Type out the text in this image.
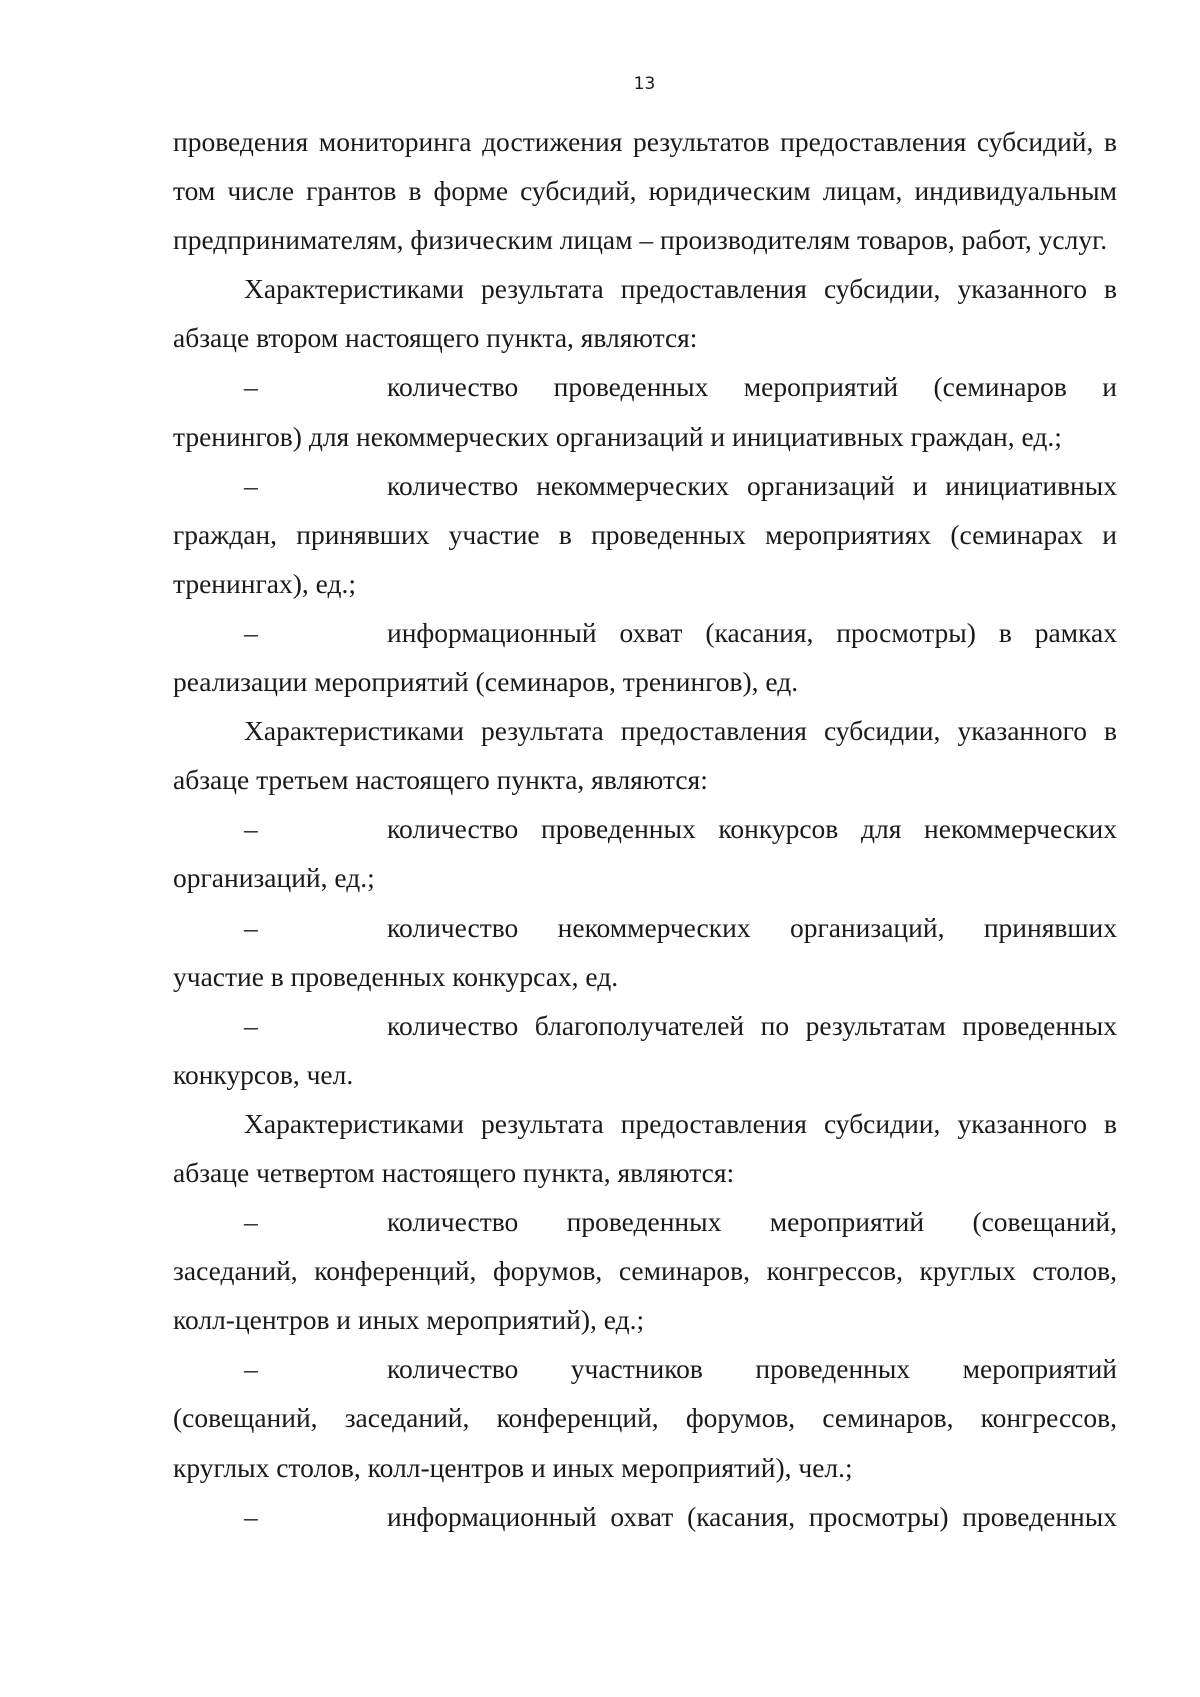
13

проведения мониторинга достижения результатов предоставления субсидий, в том числе грантов в форме субсидий, юридическим лицам, индивидуальным предпринимателям, физическим лицам – производителям товаров, работ, услуг.

Характеристиками результата предоставления субсидии, указанного в абзаце втором настоящего пункта, являются:

–	количество проведенных мероприятий (семинаров и тренингов) для некоммерческих организаций и инициативных граждан, ед.;

–	количество некоммерческих организаций и инициативных граждан, принявших участие в проведенных мероприятиях (семинарах и тренингах), ед.;

–	информационный охват (касания, просмотры) в рамках реализации мероприятий (семинаров, тренингов), ед.

Характеристиками результата предоставления субсидии, указанного в абзаце третьем настоящего пункта, являются:

–	количество проведенных конкурсов для некоммерческих организаций, ед.;

–	количество некоммерческих организаций, принявших участие в проведенных конкурсах, ед.

–	количество благополучателей по результатам проведенных конкурсов, чел.

Характеристиками результата предоставления субсидии, указанного в абзаце четвертом настоящего пункта, являются:

–	количество проведенных мероприятий (совещаний, заседаний, конференций, форумов, семинаров, конгрессов, круглых столов, колл-центров и иных мероприятий), ед.;

–	количество участников проведенных мероприятий (совещаний, заседаний, конференций, форумов, семинаров, конгрессов, круглых столов, колл-центров и иных мероприятий), чел.;

–	информационный охват (касания, просмотры) проведенных
